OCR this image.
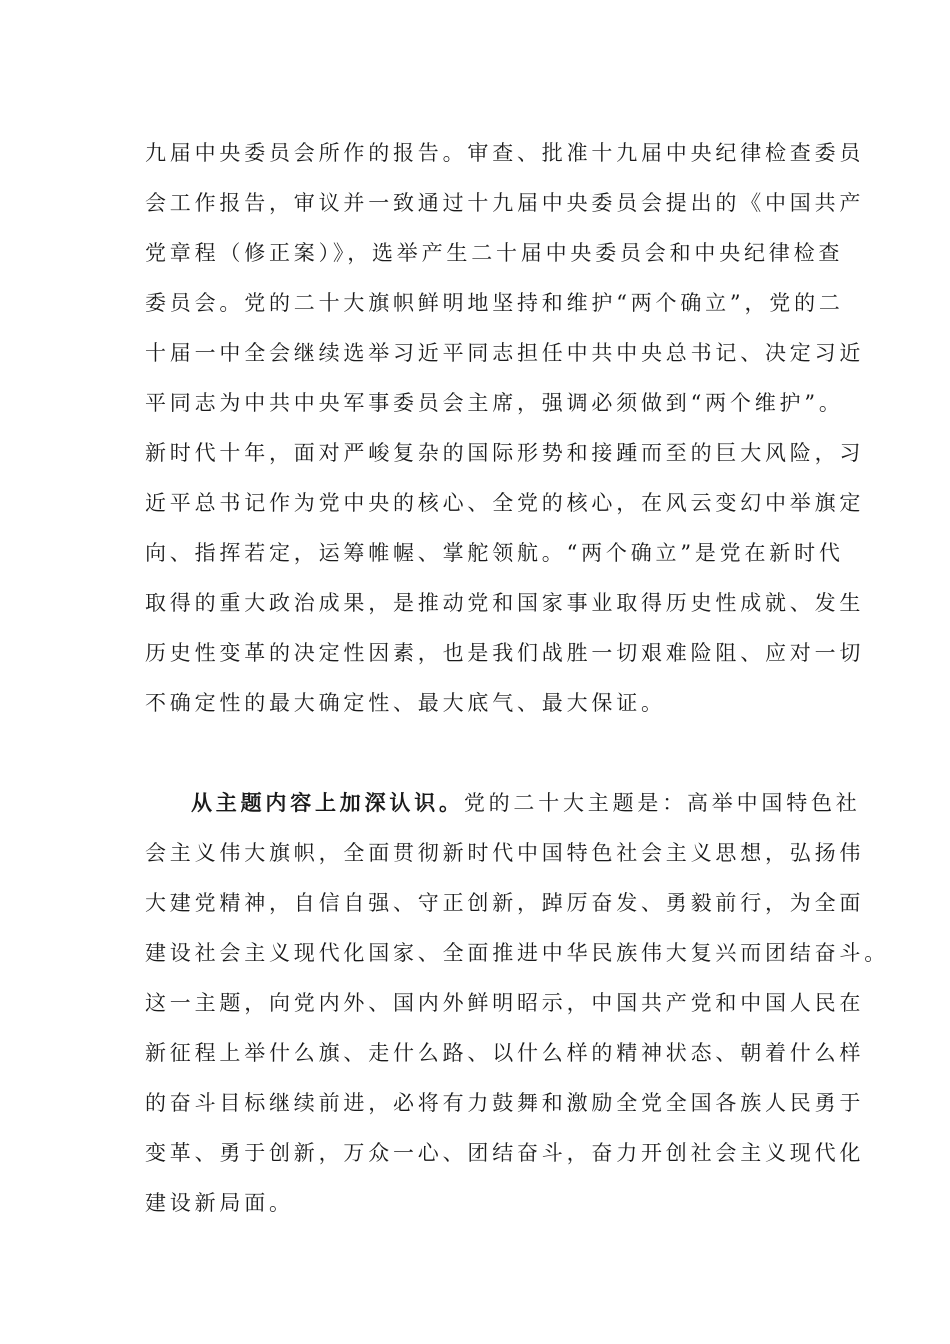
九届中央委员会所作的报告。审查、批准十九届中央纪律检查委员
会工作报告，审议并一致通过十九届中央委员会提出的《中国共产
党章程（修正案）》，选举产生二十届中央委员会和中央纪律检查
委员会。党的二十大旗帜鲜明地坚持和维护“两个确立”，党的二
十届一中全会继续选举习近平同志担任中共中央总书记、决定习近
平同志为中共中央军事委员会主席，强调必须做到“两个维护”。
新时代十年，面对严峻复杂的国际形势和接踵而至的巨大风险，习
近平总书记作为党中央的核心、全党的核心，在风云变幻中举旗定
向、指挥若定，运筹帷幄、掌舵领航。“两个确立”是党在新时代
取得的重大政治成果，是推动党和国家事业取得历史性成就、发生
历史性变革的决定性因素，也是我们战胜一切艰难险阻、应对一切
不确定性的最大确定性、最大底气、最大保证。
从主题内容上加深认识。党的二十大主题是：高举中国特色社
会主义伟大旗帜，全面贯彻新时代中国特色社会主义思想，弘扬伟
大建党精神，自信自强、守正创新，踔厉奋发、勇毅前行，为全面
建设社会主义现代化国家、全面推进中华民族伟大复兴而团结奋斗。
这一主题，向党内外、国内外鲜明昭示，中国共产党和中国人民在
新征程上举什么旗、走什么路、以什么样的精神状态、朝着什么样
的奋斗目标继续前进，必将有力鼓舞和激励全党全国各族人民勇于
变革、勇于创新，万众一心、团结奋斗，奋力开创社会主义现代化
建设新局面。
